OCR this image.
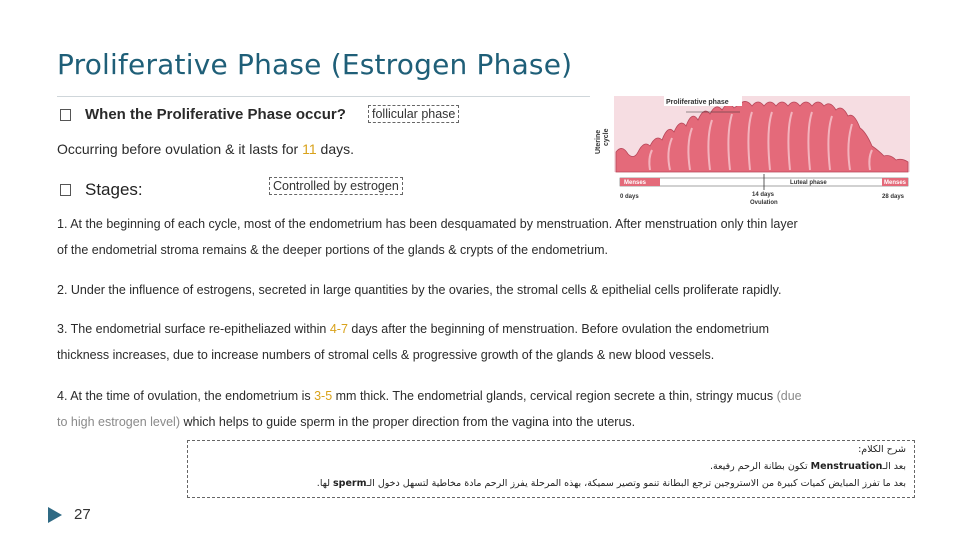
Proliferative Phase (Estrogen Phase)
When the Proliferative Phase occur?	follicular phase
Occurring before ovulation & it lasts for 11 days.
Stages:	Controlled by estrogen
Proliferative phase
Uterine cycle
Menses	Luteal phase	Menses
0 days	14 days
Ovulation
28 days
1. At the beginning of each cycle, most of the endometrium has been desquamated by menstruation. After menstruation only thin layer
of the endometrial stroma remains & the deeper portions of the glands & crypts of the endometrium.
2. Under the influence of estrogens, secreted in large quantities by the ovaries, the stromal cells & epithelial cells proliferate rapidly.
3. The endometrial surface re-epitheliazed within 4-7 days after the beginning of menstruation. Before ovulation the endometrium
thickness increases, due to increase numbers of stromal cells & progressive growth of the glands & new blood vessels.
4. At the time of ovulation, the endometrium is 3-5 mm thick. The endometrial glands, cervical region secrete a thin, stringy mucus (due
to high estrogen level) which helps to guide sperm in the proper direction from the vagina into the uterus.
شرح الكلام:
بعد الـMenstruation تكون بطانة الرحم رفيعة.
بعد ما تفرز المبايض كميات كبيرة من الاستروجين ترجع البطانة تنمو وتصير سميكة، بهذه المرحلة يفرز الرحم مادة مخاطية لتسهل دخول الـsperm لها.
27
